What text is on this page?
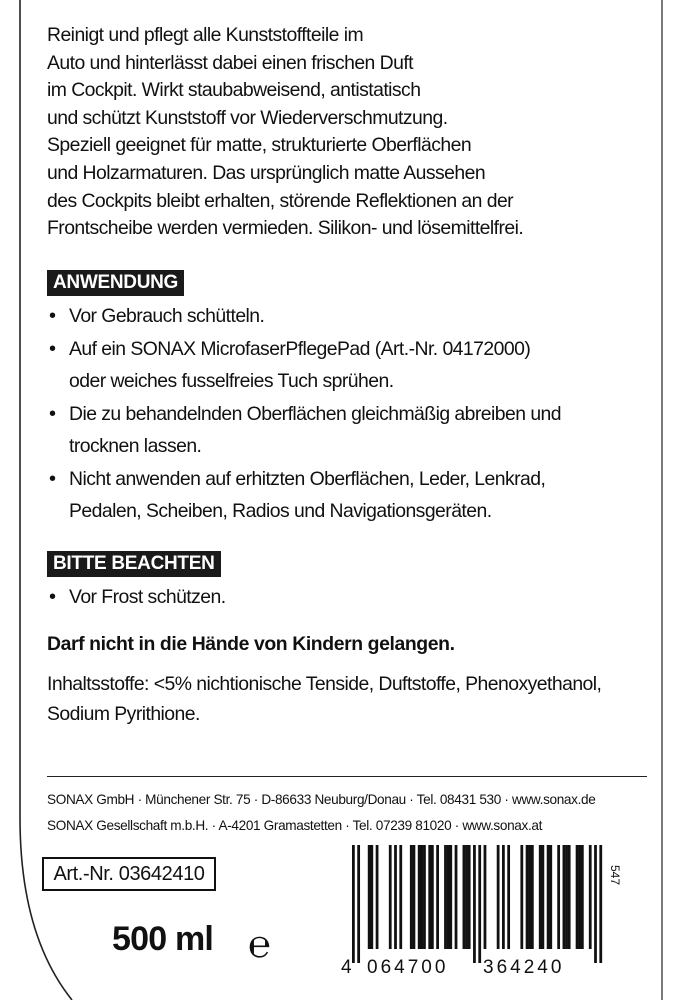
Reinigt und pflegt alle Kunststoffteile im
Auto und hinterlässt dabei einen frischen Duft
im Cockpit. Wirkt staubabweisend, antistatisch
und schützt Kunststoff vor Wiederverschmutzung.
Speziell geeignet für matte, strukturierte Oberflächen
und Holzarmaturen. Das ursprünglich matte Aussehen
des Cockpits bleibt erhalten, störende Reflektionen an der
Frontscheibe werden vermieden. Silikon- und lösemittelfrei.
ANWENDUNG
• Vor Gebrauch schütteln.
• Auf ein SONAX MicrofaserPflegePad (Art.-Nr. 04172000)
oder weiches fusselfreies Tuch sprühen.
• Die zu behandelnden Oberflächen gleichmäßig abreiben und
trocknen lassen.
• Nicht anwenden auf erhitzten Oberflächen, Leder, Lenkrad,
Pedalen, Scheiben, Radios und Navigationsgeräten.
BITTE BEACHTEN
• Vor Frost schützen.
Darf nicht in die Hände von Kindern gelangen.
Inhaltsstoffe: <5% nichtionische Tenside, Duftstoffe, Phenoxyethanol,
Sodium Pyrithione.
SONAX GmbH · Münchener Str. 75 · D-86633 Neuburg/Donau · Tel. 08431 530 · www.sonax.de
SONAX Gesellschaft m.b.H. · A-4201 Gramastetten · Tel. 07239 81020 · www.sonax.at
Art.-Nr. 03642410
500 ml ℮
4 064700 364240
547
